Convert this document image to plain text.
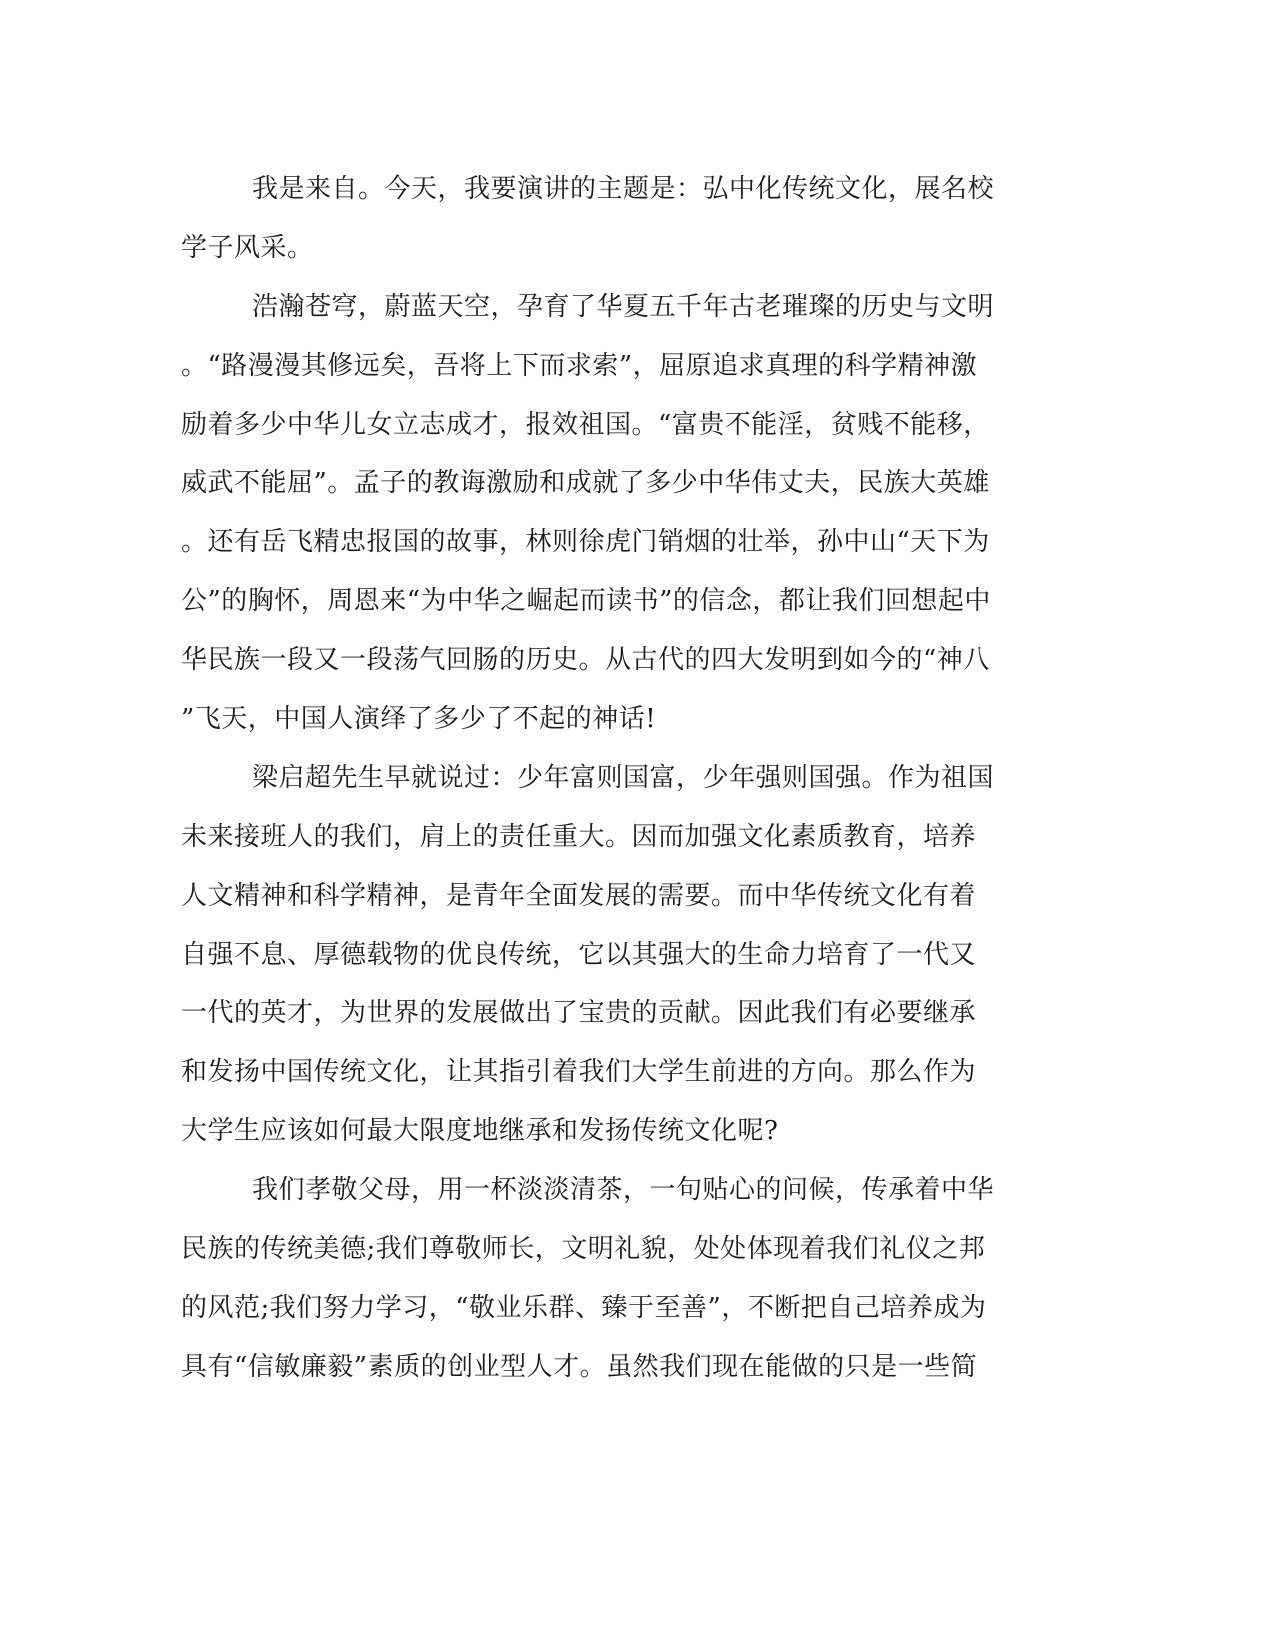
我是来自。今天，我要演讲的主题是：弘中化传统文化，展名校
学子风采。
浩瀚苍穹，蔚蓝天空，孕育了华夏五千年古老璀璨的历史与文明
。“路漫漫其修远矣，吾将上下而求索”，屈原追求真理的科学精神激
励着多少中华儿女立志成才，报效祖国。“富贵不能淫，贫贱不能移，
威武不能屈”。孟子的教诲激励和成就了多少中华伟丈夫，民族大英雄
。还有岳飞精忠报国的故事，林则徐虎门销烟的壮举，孙中山“天下为
公”的胸怀，周恩来“为中华之崛起而读书”的信念，都让我们回想起中
华民族一段又一段荡气回肠的历史。从古代的四大发明到如今的“神八
”飞天，中国人演绎了多少了不起的神话!
梁启超先生早就说过：少年富则国富，少年强则国强。作为祖国
未来接班人的我们，肩上的责任重大。因而加强文化素质教育，培养
人文精神和科学精神，是青年全面发展的需要。而中华传统文化有着
自强不息、厚德载物的优良传统，它以其强大的生命力培育了一代又
一代的英才，为世界的发展做出了宝贵的贡献。因此我们有必要继承
和发扬中国传统文化，让其指引着我们大学生前进的方向。那么作为
大学生应该如何最大限度地继承和发扬传统文化呢?
我们孝敬父母，用一杯淡淡清茶，一句贴心的问候，传承着中华
民族的传统美德;我们尊敬师长，文明礼貌，处处体现着我们礼仪之邦
的风范;我们努力学习，“敬业乐群、臻于至善”，不断把自己培养成为
具有“信敏廉毅”素质的创业型人才。虽然我们现在能做的只是一些简
